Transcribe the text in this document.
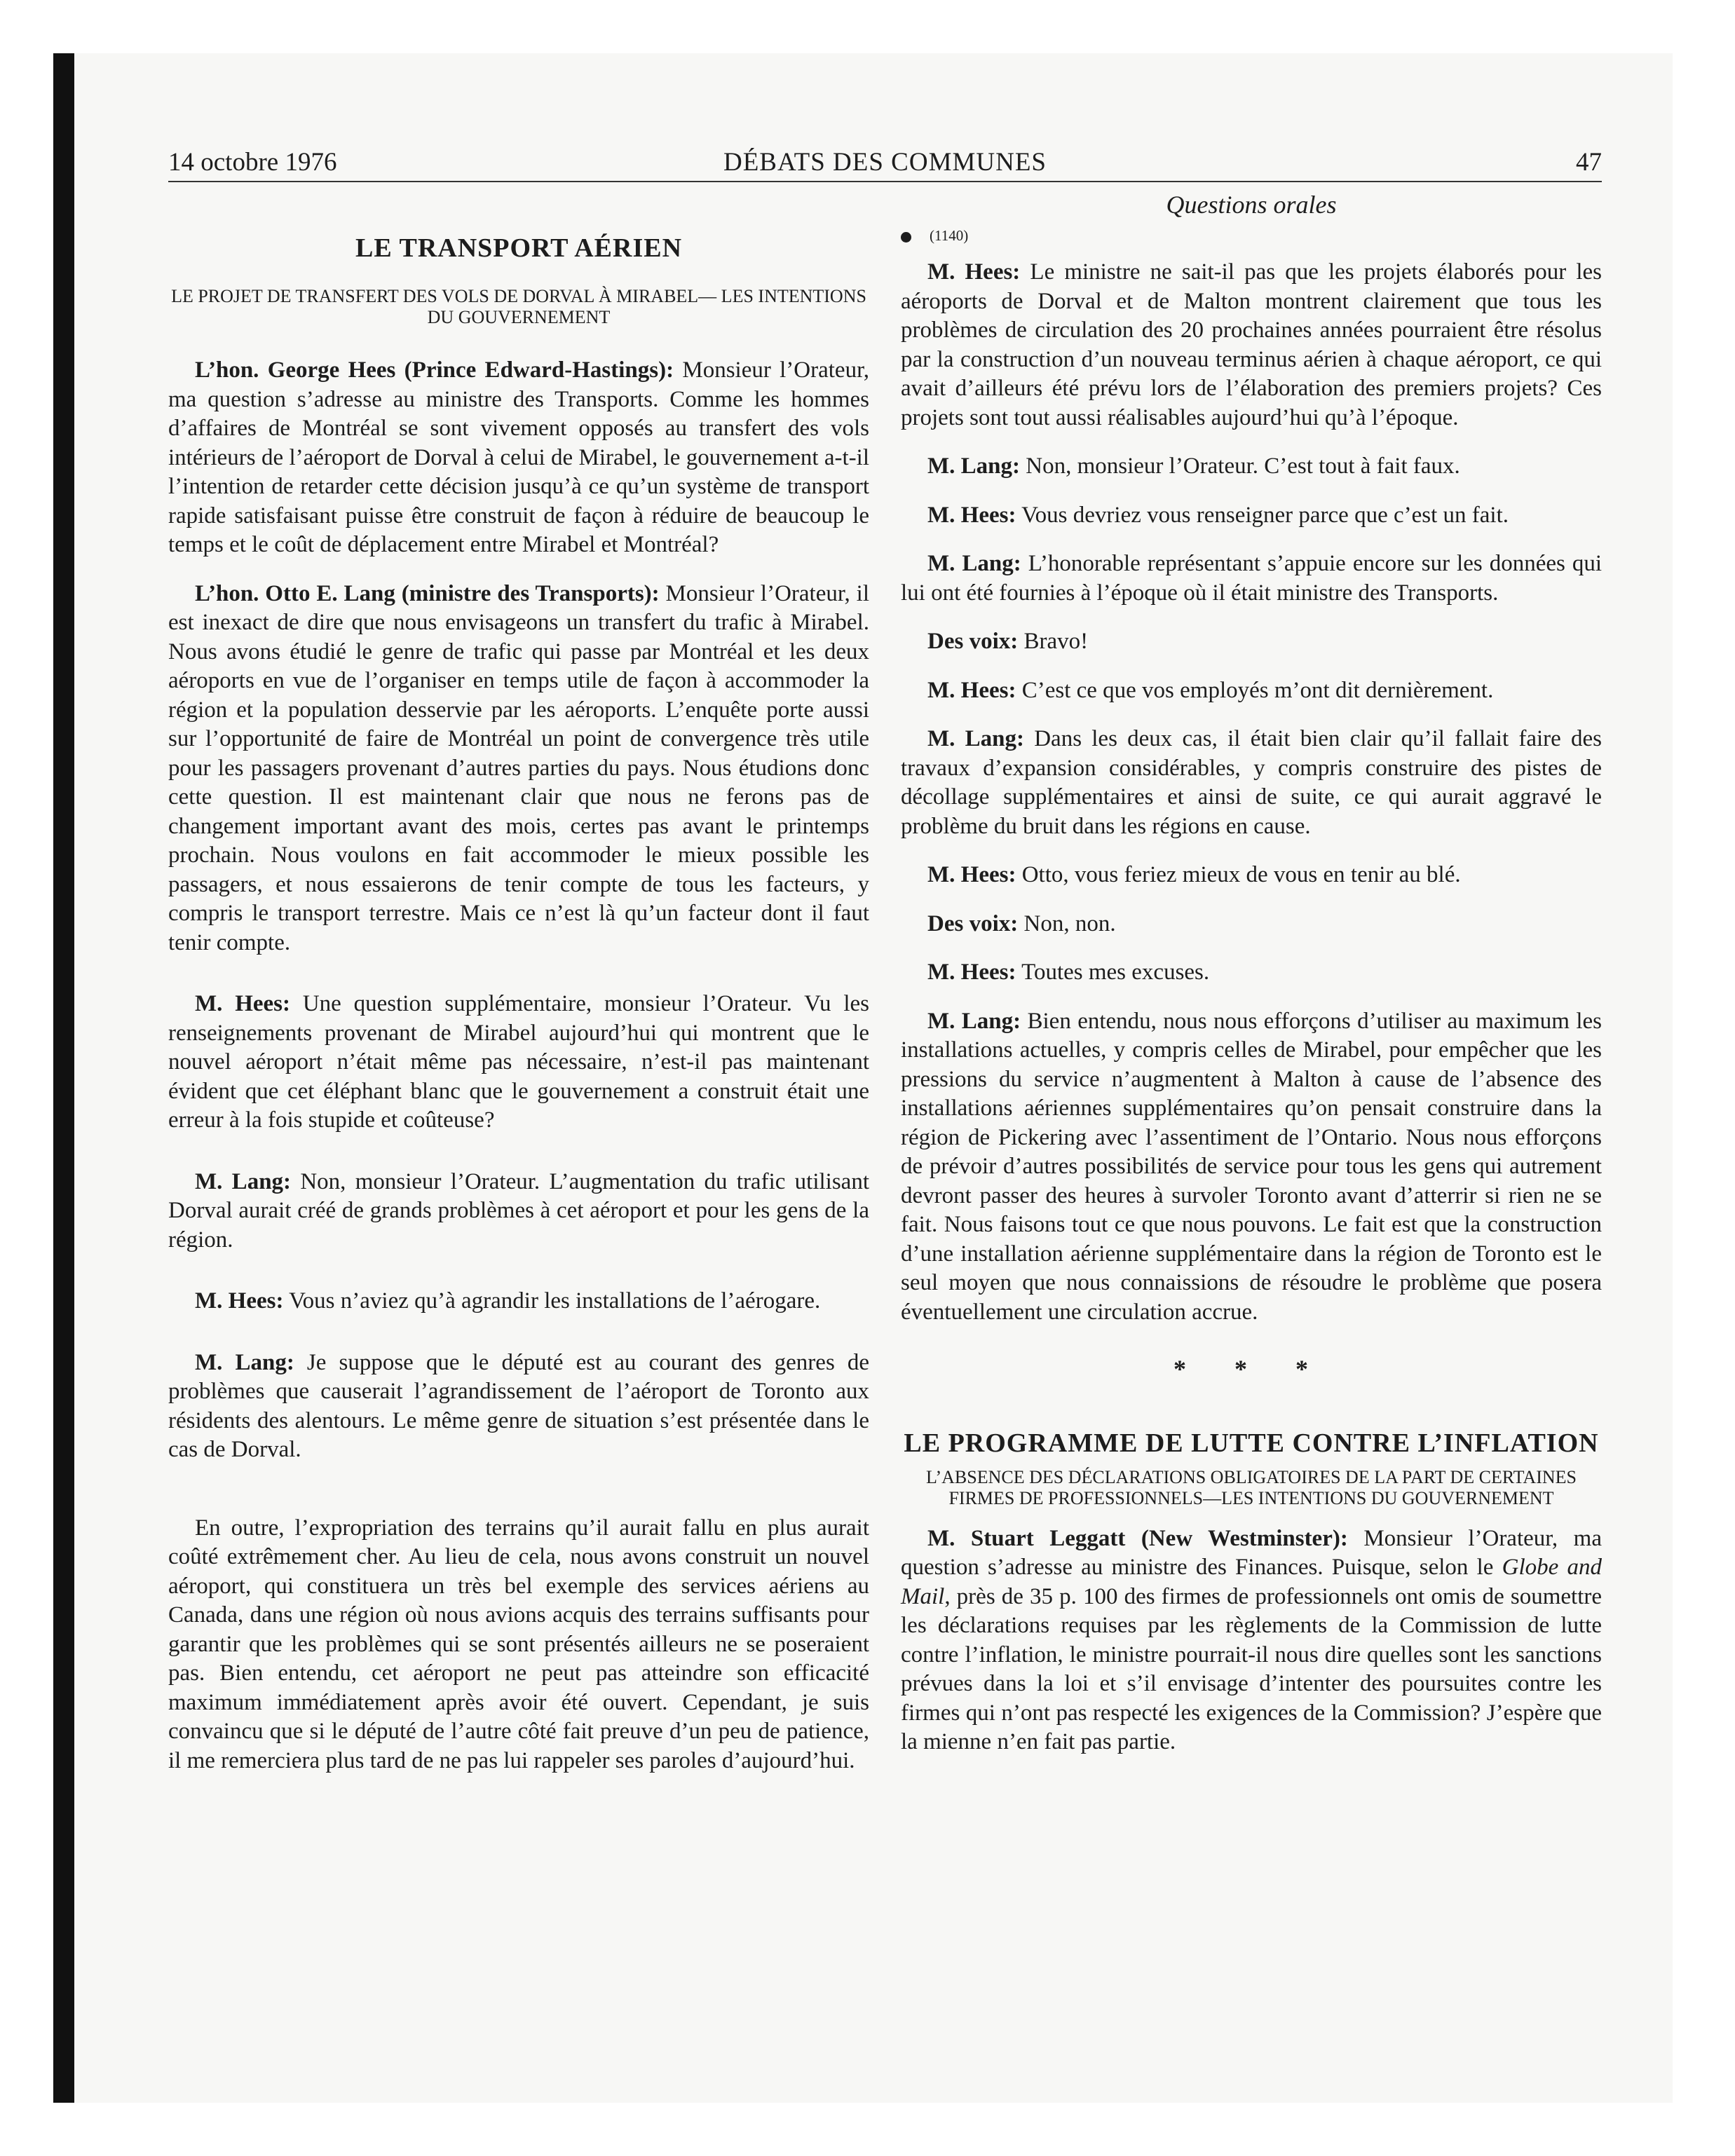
14 octobre 1976	DÉBATS DES COMMUNES	47
LE TRANSPORT AÉRIEN
LE PROJET DE TRANSFERT DES VOLS DE DORVAL À MIRABEL— LES INTENTIONS DU GOUVERNEMENT

L’hon. George Hees (Prince Edward-Hastings): Monsieur l’Orateur, ma question s’adresse au ministre des Transports. Comme les hommes d’affaires de Montréal se sont vivement opposés au transfert des vols intérieurs de l’aéroport de Dorval à celui de Mirabel, le gouvernement a-t-il l’intention de retarder cette décision jusqu’à ce qu’un système de transport rapide satisfaisant puisse être construit de façon à réduire de beaucoup le temps et le coût de déplacement entre Mirabel et Montréal?

L’hon. Otto E. Lang (ministre des Transports): Monsieur l’Orateur, il est inexact de dire que nous envisageons un transfert du trafic à Mirabel. Nous avons étudié le genre de trafic qui passe par Montréal et les deux aéroports en vue de l’organiser en temps utile de façon à accommoder la région et la population desservie par les aéroports. L’enquête porte aussi sur l’opportunité de faire de Montréal un point de convergence très utile pour les passagers provenant d’autres parties du pays. Nous étudions donc cette question. Il est maintenant clair que nous ne ferons pas de changement important avant des mois, certes pas avant le printemps prochain. Nous voulons en fait accommoder le mieux possible les passagers, et nous essaierons de tenir compte de tous les facteurs, y compris le transport terrestre. Mais ce n’est là qu’un facteur dont il faut tenir compte.

M. Hees: Une question supplémentaire, monsieur l’Orateur. Vu les renseignements provenant de Mirabel aujourd’hui qui montrent que le nouvel aéroport n’était même pas nécessaire, n’est-il pas maintenant évident que cet éléphant blanc que le gouvernement a construit était une erreur à la fois stupide et coûteuse?

M. Lang: Non, monsieur l’Orateur. L’augmentation du trafic utilisant Dorval aurait créé de grands problèmes à cet aéroport et pour les gens de la région.

M. Hees: Vous n’aviez qu’à agrandir les installations de l’aérogare.

M. Lang: Je suppose que le député est au courant des genres de problèmes que causerait l’agrandissement de l’aéroport de Toronto aux résidents des alentours. Le même genre de situation s’est présentée dans le cas de Dorval.

En outre, l’expropriation des terrains qu’il aurait fallu en plus aurait coûté extrêmement cher. Au lieu de cela, nous avons construit un nouvel aéroport, qui constituera un très bel exemple des services aériens au Canada, dans une région où nous avions acquis des terrains suffisants pour garantir que les problèmes qui se sont présentés ailleurs ne se poseraient pas. Bien entendu, cet aéroport ne peut pas atteindre son efficacité maximum immédiatement après avoir été ouvert. Cependant, je suis convaincu que si le député de l’autre côté fait preuve d’un peu de patience, il me remerciera plus tard de ne pas lui rappeler ses paroles d’aujourd’hui.

Questions orales
(1140)

M. Hees: Le ministre ne sait-il pas que les projets élaborés pour les aéroports de Dorval et de Malton montrent clairement que tous les problèmes de circulation des 20 prochaines années pourraient être résolus par la construction d’un nouveau terminus aérien à chaque aéroport, ce qui avait d’ailleurs été prévu lors de l’élaboration des premiers projets? Ces projets sont tout aussi réalisables aujourd’hui qu’à l’époque.

M. Lang: Non, monsieur l’Orateur. C’est tout à fait faux.

M. Hees: Vous devriez vous renseigner parce que c’est un fait.

M. Lang: L’honorable représentant s’appuie encore sur les données qui lui ont été fournies à l’époque où il était ministre des Transports.

Des voix: Bravo!

M. Hees: C’est ce que vos employés m’ont dit dernièrement.

M. Lang: Dans les deux cas, il était bien clair qu’il fallait faire des travaux d’expansion considérables, y compris construire des pistes de décollage supplémentaires et ainsi de suite, ce qui aurait aggravé le problème du bruit dans les régions en cause.

M. Hees: Otto, vous feriez mieux de vous en tenir au blé.

Des voix: Non, non.

M. Hees: Toutes mes excuses.

M. Lang: Bien entendu, nous nous efforçons d’utiliser au maximum les installations actuelles, y compris celles de Mirabel, pour empêcher que les pressions du service n’augmentent à Malton à cause de l’absence des installations aériennes supplémentaires qu’on pensait construire dans la région de Pickering avec l’assentiment de l’Ontario. Nous nous efforçons de prévoir d’autres possibilités de service pour tous les gens qui autrement devront passer des heures à survoler Toronto avant d’atterrir si rien ne se fait. Nous faisons tout ce que nous pouvons. Le fait est que la construction d’une installation aérienne supplémentaire dans la région de Toronto est le seul moyen que nous connaissions de résoudre le problème que posera éventuellement une circulation accrue.

* * *
LE PROGRAMME DE LUTTE CONTRE L’INFLATION
L’ABSENCE DES DÉCLARATIONS OBLIGATOIRES DE LA PART DE CERTAINES FIRMES DE PROFESSIONNELS—LES INTENTIONS DU GOUVERNEMENT

M. Stuart Leggatt (New Westminster): Monsieur l’Orateur, ma question s’adresse au ministre des Finances. Puisque, selon le Globe and Mail, près de 35 p. 100 des firmes de professionnels ont omis de soumettre les déclarations requises par les règlements de la Commission de lutte contre l’inflation, le ministre pourrait-il nous dire quelles sont les sanctions prévues dans la loi et s’il envisage d’intenter des poursuites contre les firmes qui n’ont pas respecté les exigences de la Commission? J’espère que la mienne n’en fait pas partie.
